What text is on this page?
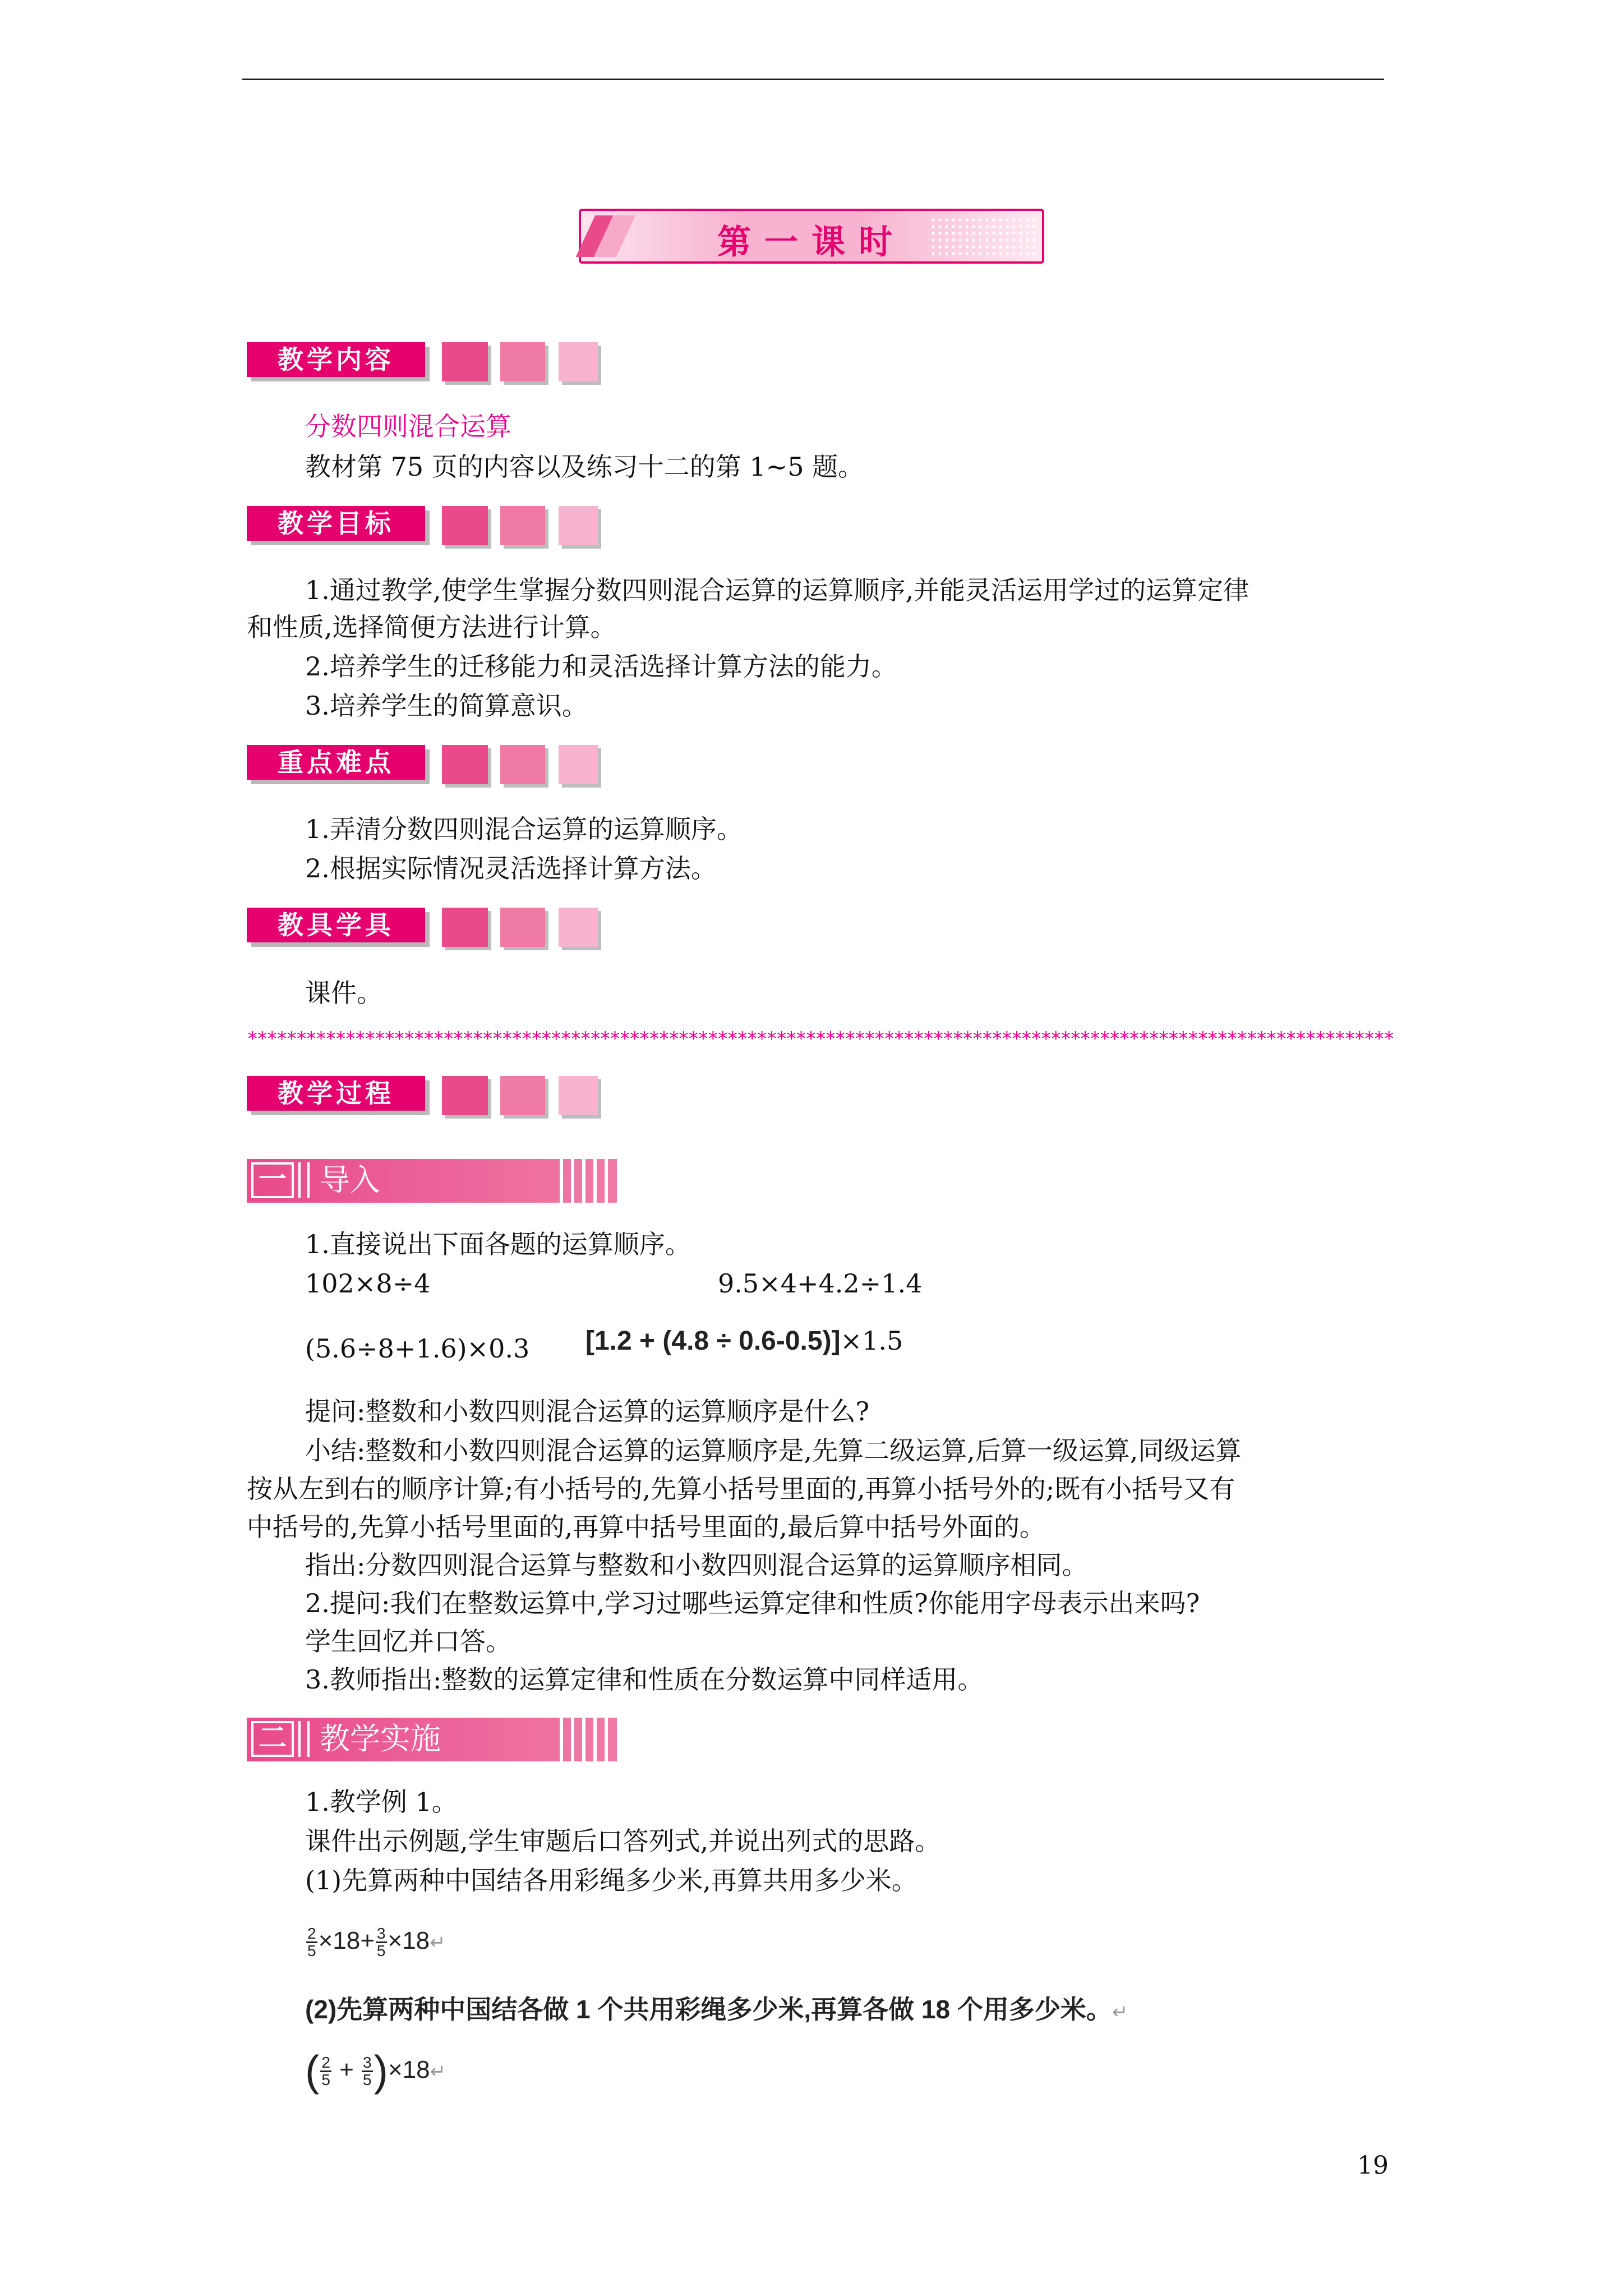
第一课时
教学内容
分数四则混合运算
教材第 75 页的内容以及练习十二的第 1~5 题。
教学目标
1.通过教学,使学生掌握分数四则混合运算的运算顺序,并能灵活运用学过的运算定律
和性质,选择简便方法进行计算。
2.培养学生的迁移能力和灵活选择计算方法的能力。
3.培养学生的简算意识。
重点难点
1.弄清分数四则混合运算的运算顺序。
2.根据实际情况灵活选择计算方法。
教具学具
课件。
*********************************************************************************************************************
教学过程
一 导入
1.直接说出下面各题的运算顺序。
102×8÷4	9.5×4+4.2÷1.4
(5.6÷8+1.6)×0.3 [1.2 + (4.8 ÷ 0.6-0.5)]×1.5
提问:整数和小数四则混合运算的运算顺序是什么?
小结:整数和小数四则混合运算的运算顺序是,先算二级运算,后算一级运算,同级运算
按从左到右的顺序计算;有小括号的,先算小括号里面的,再算小括号外的;既有小括号又有
中括号的,先算小括号里面的,再算中括号里面的,最后算中括号外面的。
指出:分数四则混合运算与整数和小数四则混合运算的运算顺序相同。
2.提问:我们在整数运算中,学习过哪些运算定律和性质?你能用字母表示出来吗?
学生回忆并口答。
3.教师指出:整数的运算定律和性质在分数运算中同样适用。
二 教学实施
1.教学例 1。
课件出示例题,学生审题后口答列式,并说出列式的思路。
(1)先算两种中国结各用彩绳多少米,再算共用多少米。
$\frac{2}{5} \times 18+ \frac{3}{5}$ ×18↵
(2)先算两种中国结各做 1 个共用彩绳多少米,再算各做 18 个用多少米。↵
( $\frac{2}{5} + \frac{3}{5}$ )×18↵
19
